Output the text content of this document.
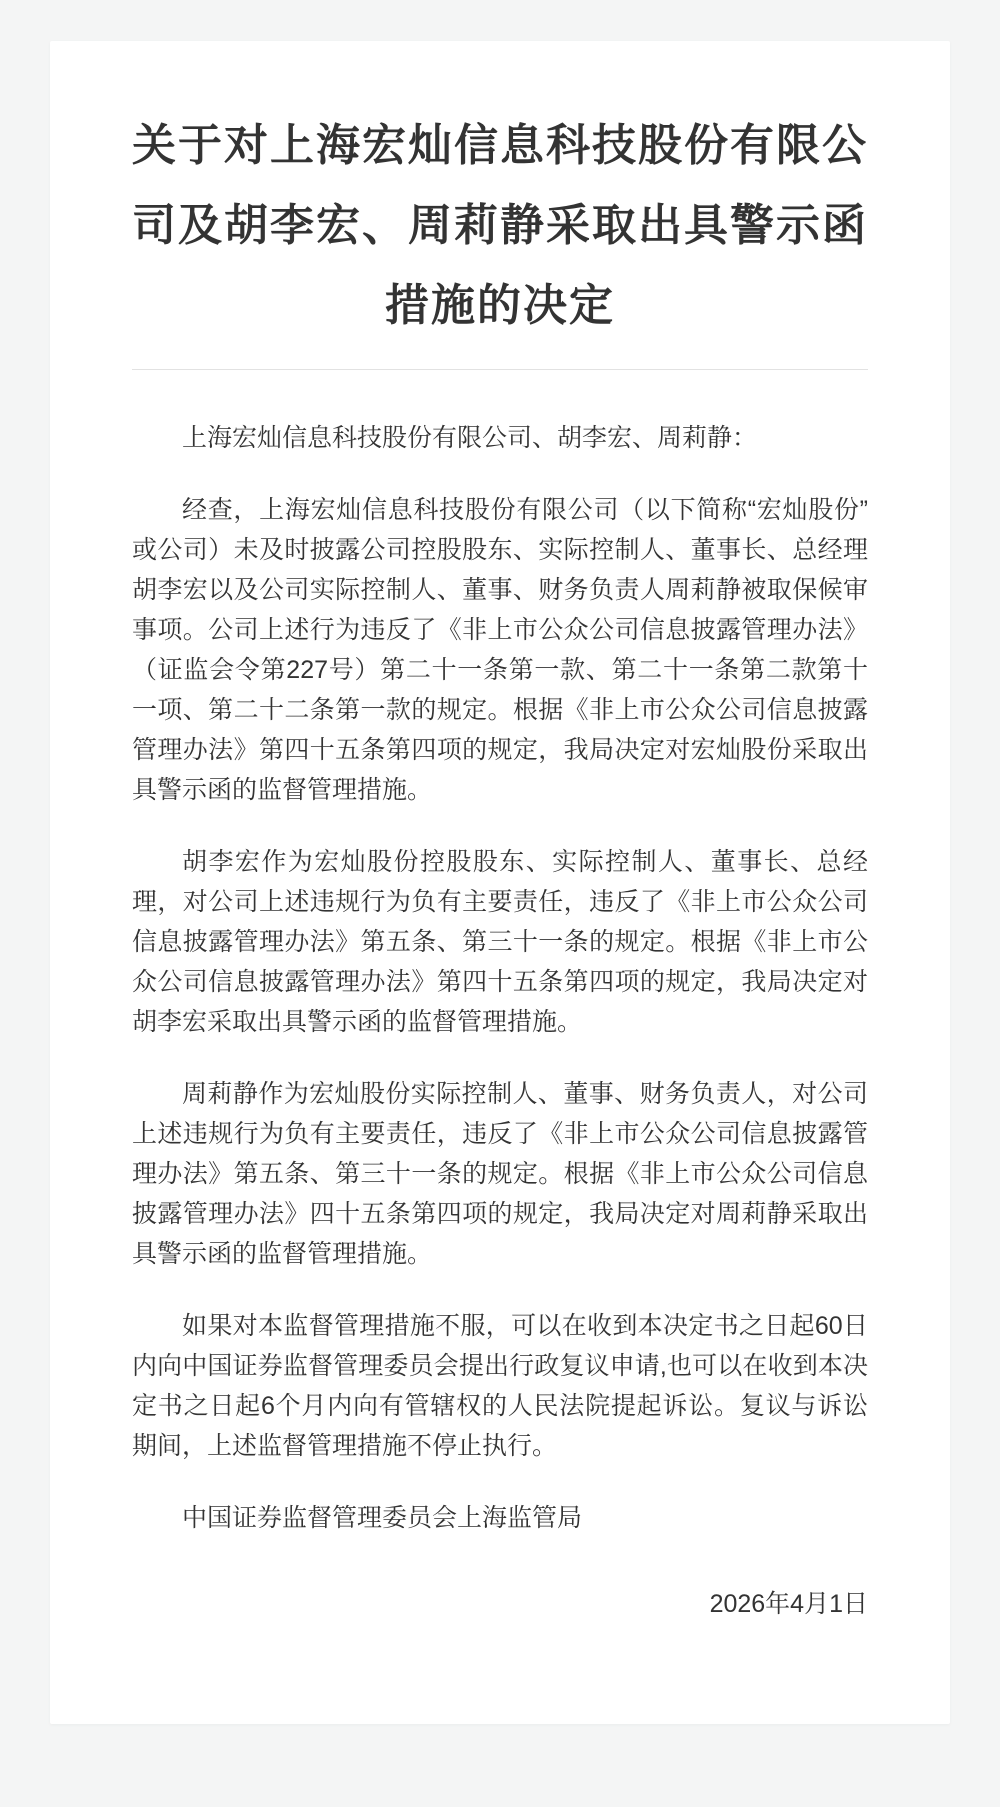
关于对上海宏灿信息科技股份有限公司及胡李宏、周莉静采取出具警示函措施的决定

上海宏灿信息科技股份有限公司、胡李宏、周莉静：

经查，上海宏灿信息科技股份有限公司（以下简称“宏灿股份”或公司）未及时披露公司控股股东、实际控制人、董事长、总经理胡李宏以及公司实际控制人、董事、财务负责人周莉静被取保候审事项。公司上述行为违反了《非上市公众公司信息披露管理办法》（证监会令第227号）第二十一条第一款、第二十一条第二款第十一项、第二十二条第一款的规定。根据《非上市公众公司信息披露管理办法》第四十五条第四项的规定，我局决定对宏灿股份采取出具警示函的监督管理措施。

胡李宏作为宏灿股份控股股东、实际控制人、董事长、总经理，对公司上述违规行为负有主要责任，违反了《非上市公众公司信息披露管理办法》第五条、第三十一条的规定。根据《非上市公众公司信息披露管理办法》第四十五条第四项的规定，我局决定对胡李宏采取出具警示函的监督管理措施。

周莉静作为宏灿股份实际控制人、董事、财务负责人，对公司上述违规行为负有主要责任，违反了《非上市公众公司信息披露管理办法》第五条、第三十一条的规定。根据《非上市公众公司信息披露管理办法》四十五条第四项的规定，我局决定对周莉静采取出具警示函的监督管理措施。

如果对本监督管理措施不服，可以在收到本决定书之日起60日内向中国证券监督管理委员会提出行政复议申请,也可以在收到本决定书之日起6个月内向有管辖权的人民法院提起诉讼。复议与诉讼期间，上述监督管理措施不停止执行。

中国证券监督管理委员会上海监管局

2026年4月1日
